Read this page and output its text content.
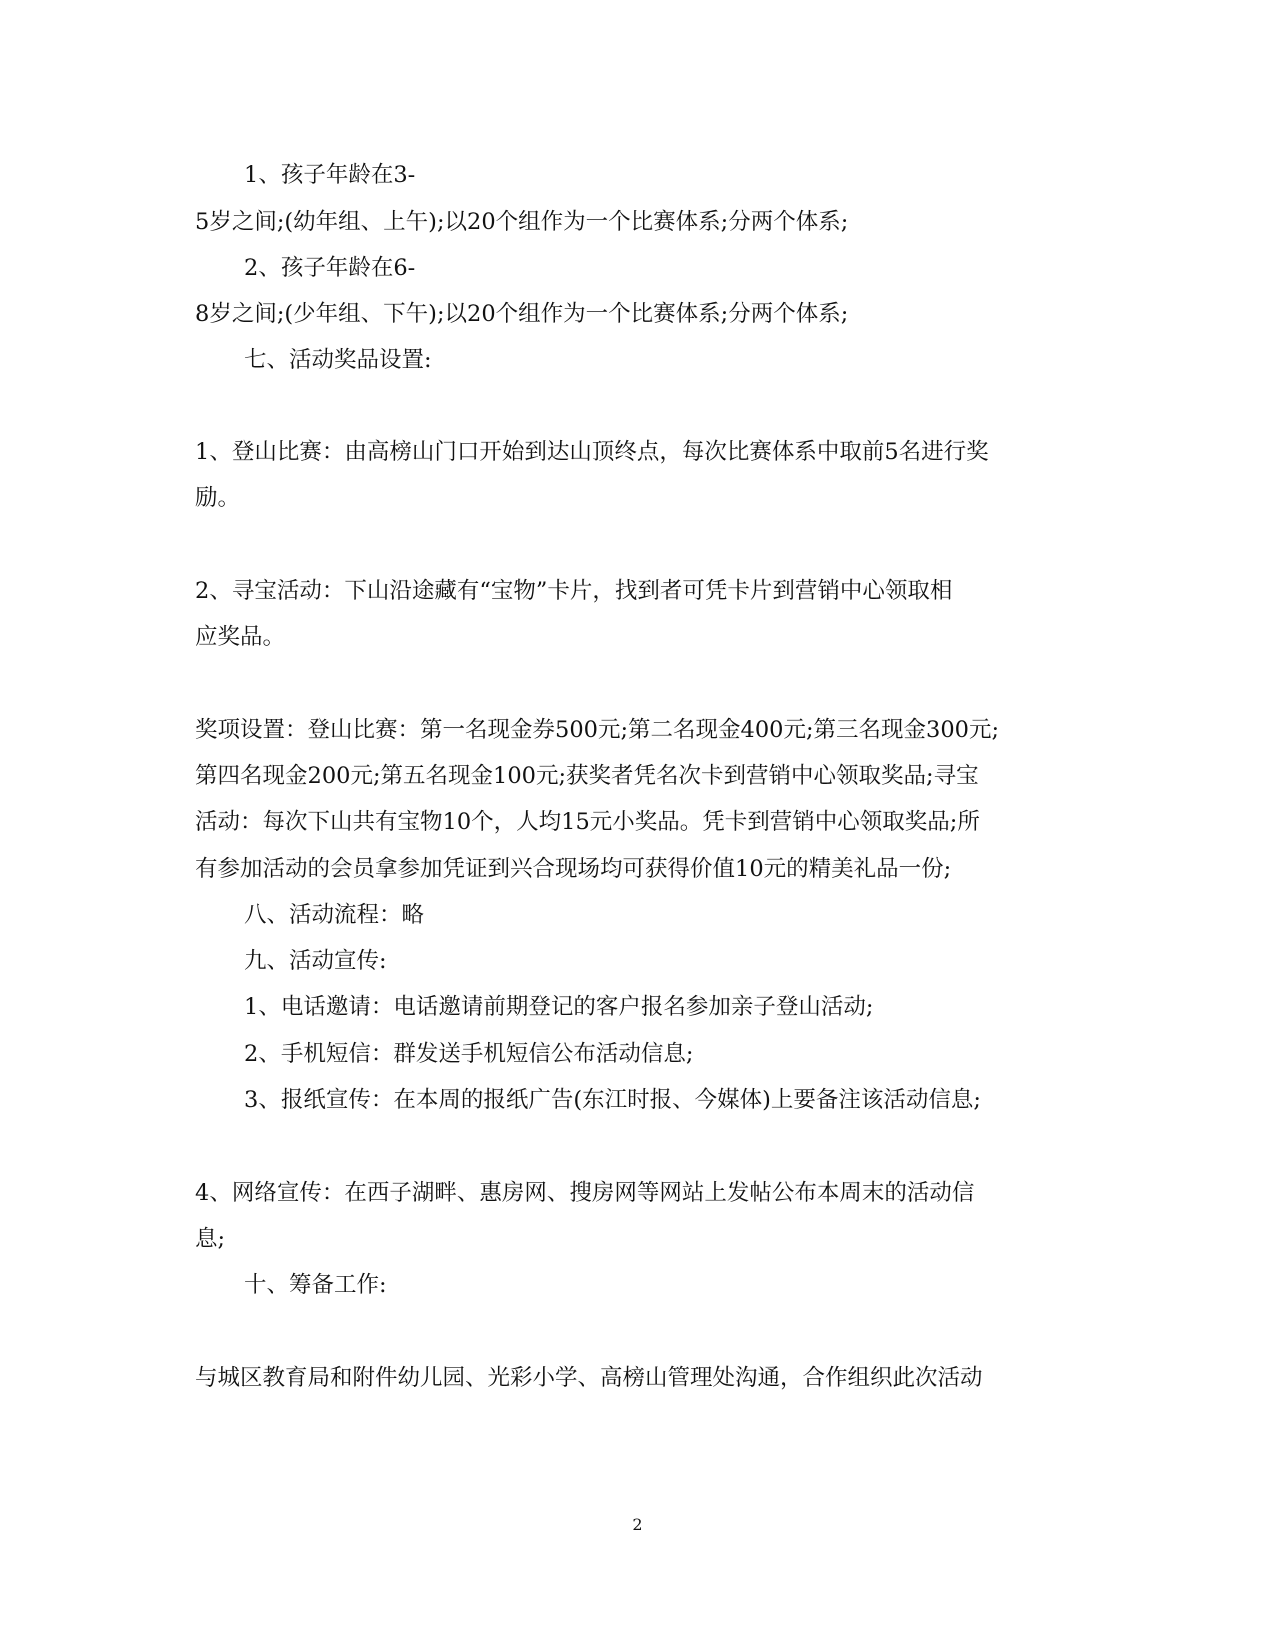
1、孩子年龄在3-
5岁之间;(幼年组、上午);以20个组作为一个比赛体系;分两个体系;
2、孩子年龄在6-
8岁之间;(少年组、下午);以20个组作为一个比赛体系;分两个体系;
七、活动奖品设置:
1、登山比赛：由高榜山门口开始到达山顶终点，每次比赛体系中取前5名进行奖
励。
2、寻宝活动：下山沿途藏有“宝物”卡片，找到者可凭卡片到营销中心领取相
应奖品。
奖项设置：登山比赛：第一名现金券500元;第二名现金400元;第三名现金300元;
第四名现金200元;第五名现金100元;获奖者凭名次卡到营销中心领取奖品;寻宝
活动：每次下山共有宝物10个，人均15元小奖品。凭卡到营销中心领取奖品;所
有参加活动的会员拿参加凭证到兴合现场均可获得价值10元的精美礼品一份;
八、活动流程：略
九、活动宣传:
1、电话邀请：电话邀请前期登记的客户报名参加亲子登山活动;
2、手机短信：群发送手机短信公布活动信息;
3、报纸宣传：在本周的报纸广告(东江时报、今媒体)上要备注该活动信息;
4、网络宣传：在西子湖畔、惠房网、搜房网等网站上发帖公布本周末的活动信
息;
十、筹备工作:
与城区教育局和附件幼儿园、光彩小学、高榜山管理处沟通，合作组织此次活动
2
